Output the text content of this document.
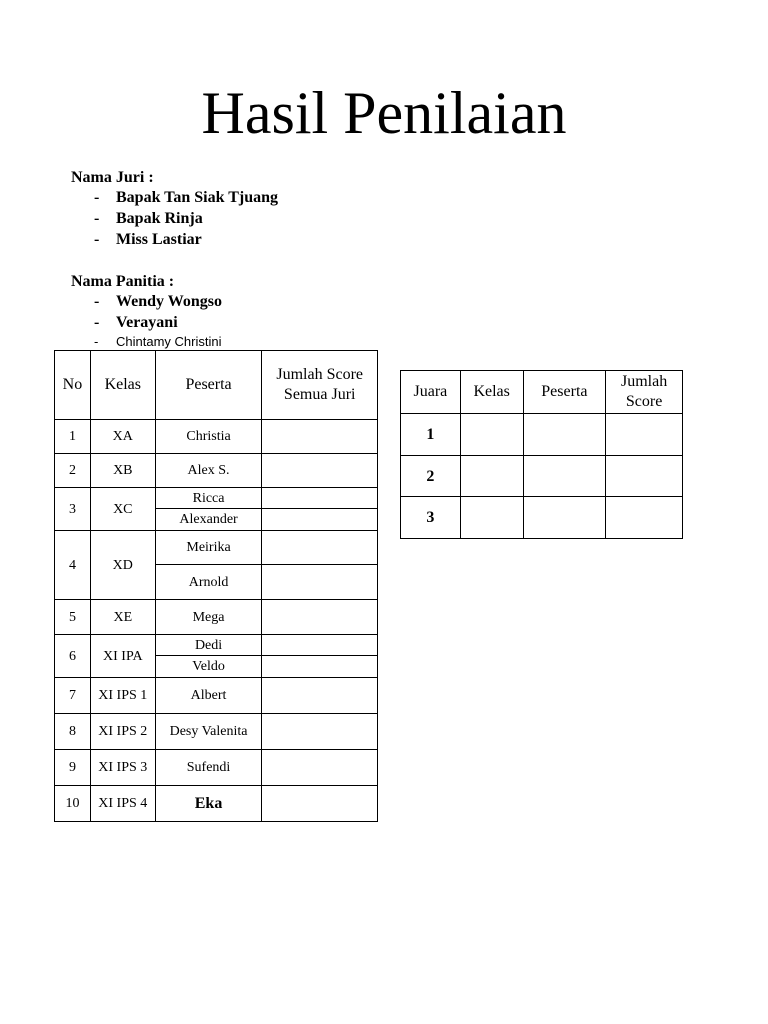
Hasil Penilaian
Nama Juri :
- Bapak Tan Siak Tjuang
- Bapak Rinja
- Miss Lastiar
Nama Panitia :
- Wendy Wongso
- Verayani
- Chintamy Christini
No	Kelas	Peserta	Jumlah Score Semua Juri
1	XA	Christia	
2	XB	Alex S.	
3	XC	Ricca	
		Alexander	
4	XD	Meirika	
		Arnold	
5	XE	Mega	
6	XI IPA	Dedi	
		Veldo	
7	XI IPS 1	Albert	
8	XI IPS 2	Desy Valenita	
9	XI IPS 3	Sufendi	
10	XI IPS 4	Eka	
Juara	Kelas	Peserta	Jumlah Score
1			
2			
3			
